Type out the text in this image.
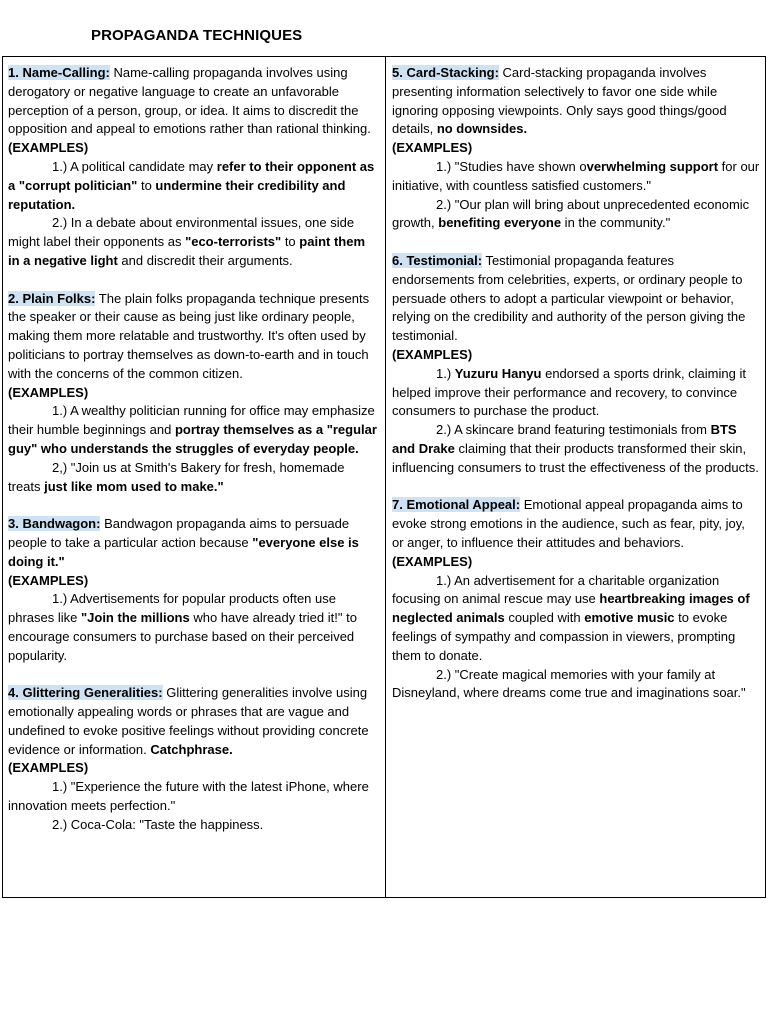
PROPAGANDA TECHNIQUES

1. Name-Calling: Name-calling propaganda involves using derogatory or negative language to create an unfavorable perception of a person, group, or idea. It aims to discredit the opposition and appeal to emotions rather than rational thinking.

(EXAMPLES)

1.) A political candidate may refer to their opponent as a "corrupt politician" to undermine their credibility and reputation.

2.) In a debate about environmental issues, one side might label their opponents as "eco-terrorists" to paint them in a negative light and discredit their arguments.

2. Plain Folks: The plain folks propaganda technique presents the speaker or their cause as being just like ordinary people, making them more relatable and trustworthy. It's often used by politicians to portray themselves as down-to-earth and in touch with the concerns of the common citizen.

(EXAMPLES)

1.) A wealthy politician running for office may emphasize their humble beginnings and portray themselves as a "regular guy" who understands the struggles of everyday people.

2,) "Join us at Smith's Bakery for fresh, homemade treats just like mom used to make."

3. Bandwagon: Bandwagon propaganda aims to persuade people to take a particular action because "everyone else is doing it."

(EXAMPLES)

1.) Advertisements for popular products often use phrases like "Join the millions who have already tried it!" to encourage consumers to purchase based on their perceived popularity.

4. Glittering Generalities: Glittering generalities involve using emotionally appealing words or phrases that are vague and undefined to evoke positive feelings without providing concrete evidence or information. Catchphrase.

(EXAMPLES)

1.) "Experience the future with the latest iPhone, where innovation meets perfection."

2.) Coca-Cola: "Taste the happiness.

5. Card-Stacking: Card-stacking propaganda involves presenting information selectively to favor one side while ignoring opposing viewpoints. Only says good things/good details, no downsides.

(EXAMPLES)

1.) "Studies have shown overwhelming support for our initiative, with countless satisfied customers."

2.) "Our plan will bring about unprecedented economic growth, benefiting everyone in the community."

6. Testimonial: Testimonial propaganda features endorsements from celebrities, experts, or ordinary people to persuade others to adopt a particular viewpoint or behavior, relying on the credibility and authority of the person giving the testimonial.

(EXAMPLES)

1.) Yuzuru Hanyu endorsed a sports drink, claiming it helped improve their performance and recovery, to convince consumers to purchase the product.

2.) A skincare brand featuring testimonials from BTS and Drake claiming that their products transformed their skin, influencing consumers to trust the effectiveness of the products.

7. Emotional Appeal: Emotional appeal propaganda aims to evoke strong emotions in the audience, such as fear, pity, joy, or anger, to influence their attitudes and behaviors.

(EXAMPLES)

1.) An advertisement for a charitable organization focusing on animal rescue may use heartbreaking images of neglected animals coupled with emotive music to evoke feelings of sympathy and compassion in viewers, prompting them to donate.

2.) "Create magical memories with your family at Disneyland, where dreams come true and imaginations soar."
